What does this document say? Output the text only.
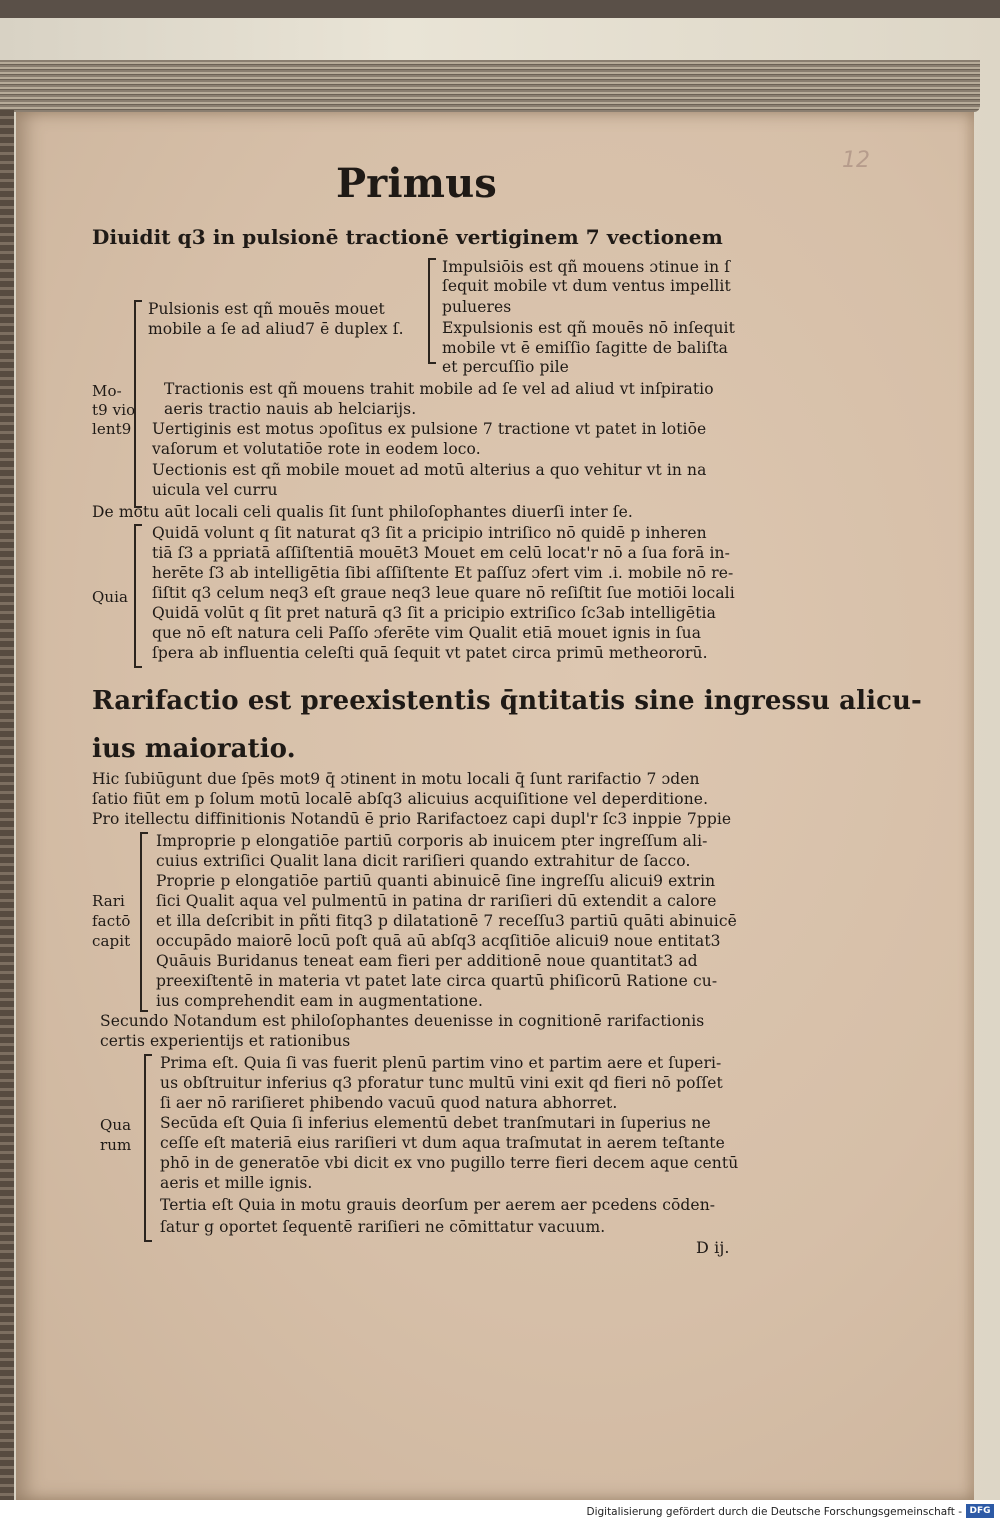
12
Primus
Diuidit q3 in pulsionē tractionē vertiginem 7 vectionem
Impulsiōis est qñ mouens ɔtinue in ſ
ſequit mobile vt dum ventus impellit
Pulsionis est qñ mouēs mouet	pulueres
mobile a ſe ad aliud7 ē duplex ſ. Expulsionis est qñ mouēs nō inſequit
mobile vt ē emiſſio ſagitte de baliſta
et percuſſio pile
Mo-
t9 vio
lent9
Tractionis est qñ mouens trahit mobile ad ſe vel ad aliud vt inſpiratio
aeris tractio nauis ab helciarijs.
Uertiginis est motus ɔpoſitus ex pulsione 7 tractione vt patet in lotiōe
vaſorum et volutatiōe rote in eodem loco.
Uectionis est qñ mobile mouet ad motū alterius a quo vehitur vt in na
uicula vel curru
De motu aūt locali celi qualis ſit ſunt philoſophantes diuerſi inter ſe.
Quia
Quidā volunt q ſit naturat q3 ſit a pricipio intriſico nō quidē p inheren
tiā ſ3 a ppriatā aſſiſtentiā mouēt3 Mouet em celū locat'r nō a ſua forā in-
herēte ſ3 ab intelligētia ſibi aſſiſtente Et paſſuz ɔfert vim .i. mobile nō re-
ſiſtit q3 celum neq3 eſt graue neq3 leue quare nō reſiſtit ſue motiōi locali
Quidā volūt q ſit pret naturā q3 ſit a pricipio extriſico ſc3ab intelligētia
que nō eſt natura celi Paſſo ɔferēte vim Qualit etiā mouet ignis in ſua
ſpera ab influentia celeſti quā ſequit vt patet circa primū metheororū.
Rarifactio est preexistentis q̄ntitatis sine ingressu alicu-
ius maioratio.
Hic ſubiūgunt due ſpēs mot9 q̄ ɔtinent in motu locali q̄ ſunt rarifactio 7 ɔden
ſatio fiūt em p ſolum motū localē abſq3 alicuius acquiſitione vel deperditione.
Pro itellectu diffinitionis Notandū ē prio Rarifactoez capi dupl'r ſc3 inppie 7ppie
Rari
factō
capit
Improprie p elongatiōe partiū corporis ab inuicem pter ingreſſum ali-
cuius extriſici Qualit lana dicit rariſieri quando extrahitur de ſacco.
Proprie p elongatiōe partiū quanti abinuicē ſine ingreſſu alicui9 extrin
ſici Qualit aqua vel pulmentū in patina dr rariſieri dū extendit a calore
et illa deſcribit in pñti fitq3 p dilatationē 7 receſſu3 partiū quāti abinuicē
occupādo maiorē locū poſt quā aū abſq3 acqſitiōe alicui9 noue entitat3
Quāuis Buridanus teneat eam fieri per additionē noue quantitat3 ad
preexiſtentē in materia vt patet late circa quartū phiſicorū Ratione cu-
ius comprehendit eam in augmentatione.
Secundo Notandum est philoſophantes deuenisse in cognitionē rarifactionis
certis experientijs et rationibus
Qua
rum
Prima eſt. Quia ſi vas fuerit plenū partim vino et partim aere et ſuperi-
us obſtruitur inferius q3 pforatur tunc multū vini exit qd fieri nō poſſet
ſi aer nō rariſieret phibendo vacuū quod natura abhorret.
Secūda eſt Quia ſi inferius elementū debet tranſmutari in ſuperius ne
ceſſe eſt materiā eius rariſieri vt dum aqua traſmutat in aerem teſtante
phō in de generatōe vbi dicit ex vno pugillo terre fieri decem aque centū
aeris et mille ignis.
Tertia eſt Quia in motu grauis deorſum per aerem aer pcedens cōden-
ſatur g oportet ſequentē rariſieri ne cōmittatur vacuum.
D ij.
Digitalisierung gefördert durch die Deutsche Forschungsgemeinschaft - DFG
